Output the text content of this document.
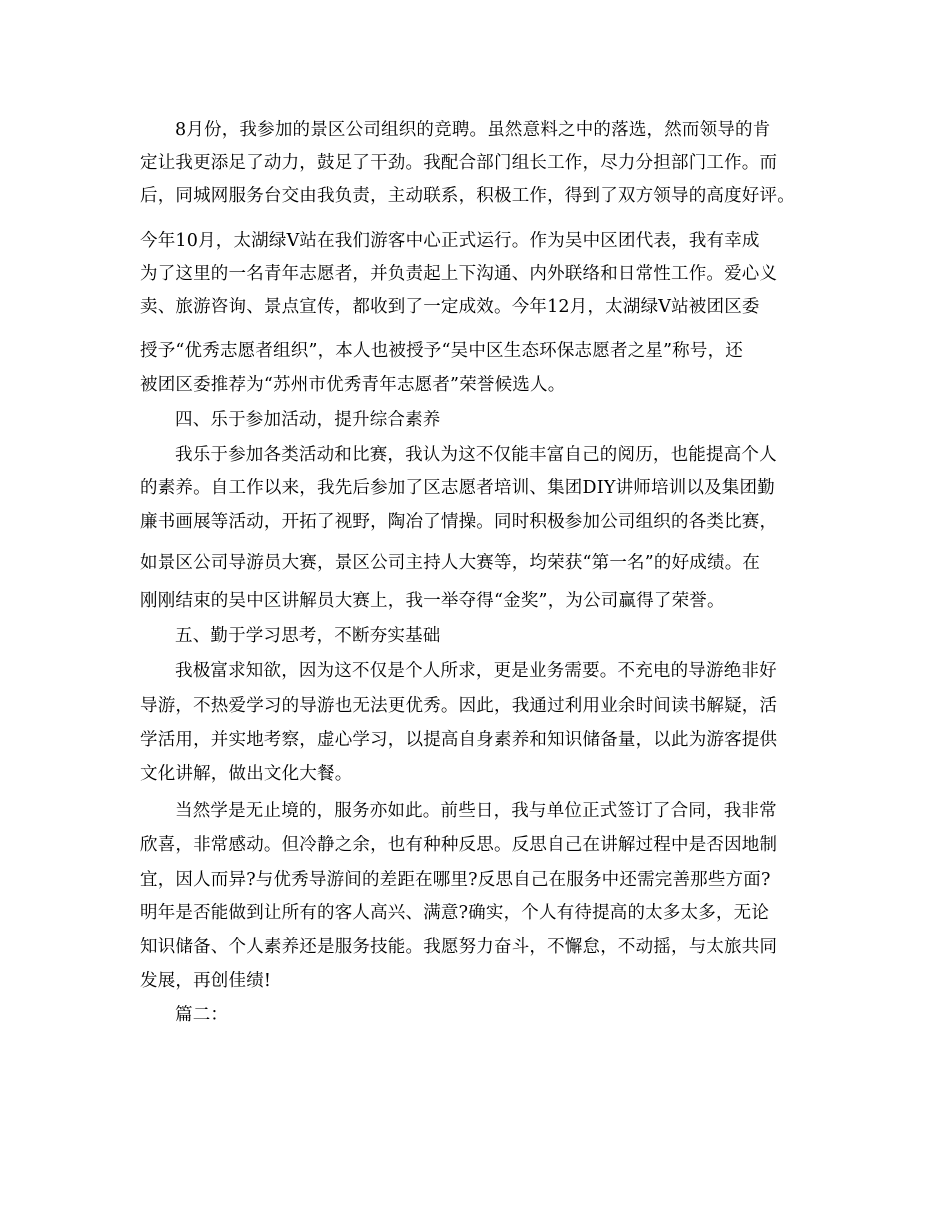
8月份，我参加的景区公司组织的竞聘。虽然意料之中的落选，然而领导的肯
定让我更添足了动力，鼓足了干劲。我配合部门组长工作，尽力分担部门工作。而
后，同城网服务台交由我负责，主动联系，积极工作，得到了双方领导的高度好评。
今年10月，太湖绿V站在我们游客中心正式运行。作为吴中区团代表，我有幸成
为了这里的一名青年志愿者，并负责起上下沟通、内外联络和日常性工作。爱心义
卖、旅游咨询、景点宣传，都收到了一定成效。今年12月，太湖绿V站被团区委
授予“优秀志愿者组织”，本人也被授予“吴中区生态环保志愿者之星”称号，还
被团区委推荐为“苏州市优秀青年志愿者”荣誉候选人。
四、乐于参加活动，提升综合素养
我乐于参加各类活动和比赛，我认为这不仅能丰富自己的阅历，也能提高个人
的素养。自工作以来，我先后参加了区志愿者培训、集团DIY讲师培训以及集团勤
廉书画展等活动，开拓了视野，陶冶了情操。同时积极参加公司组织的各类比赛，
如景区公司导游员大赛，景区公司主持人大赛等，均荣获“第一名”的好成绩。在
刚刚结束的吴中区讲解员大赛上，我一举夺得“金奖”，为公司赢得了荣誉。
五、勤于学习思考，不断夯实基础
我极富求知欲，因为这不仅是个人所求，更是业务需要。不充电的导游绝非好
导游，不热爱学习的导游也无法更优秀。因此，我通过利用业余时间读书解疑，活
学活用，并实地考察，虚心学习，以提高自身素养和知识储备量，以此为游客提供
文化讲解，做出文化大餐。
当然学是无止境的，服务亦如此。前些日，我与单位正式签订了合同，我非常
欣喜，非常感动。但冷静之余，也有种种反思。反思自己在讲解过程中是否因地制
宜，因人而异?与优秀导游间的差距在哪里?反思自己在服务中还需完善那些方面?
明年是否能做到让所有的客人高兴、满意?确实，个人有待提高的太多太多，无论
知识储备、个人素养还是服务技能。我愿努力奋斗，不懈怠，不动摇，与太旅共同
发展，再创佳绩!
篇二：
